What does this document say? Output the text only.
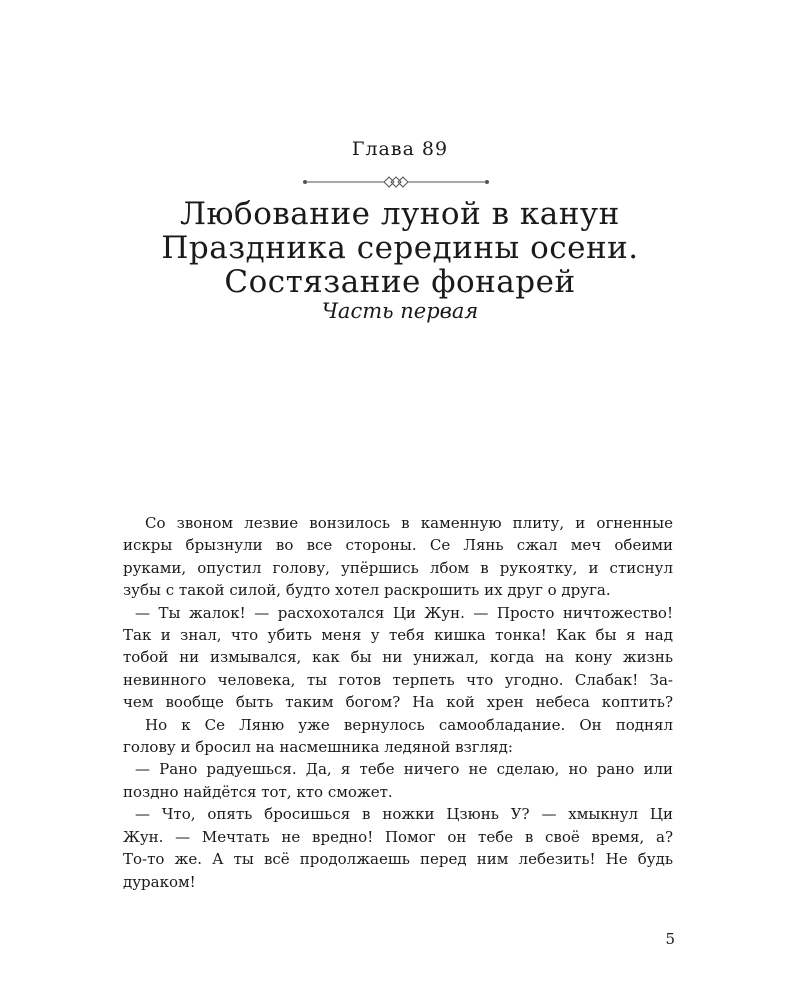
Глава 89
Любование луной в канун
Праздника середины осени.
Состязание фонарей
Часть первая
Со звоном лезвие вонзилось в каменную плиту, и огненные
искры брызнули во все стороны. Се Лянь сжал меч обеими
руками, опустил голову, упёршись лбом в рукоятку, и стиснул
зубы с такой силой, будто хотел раскрошить их друг о друга.
— Ты жалок! — расхохотался Ци Жун. — Просто ничтожество!
Так и знал, что убить меня у тебя кишка тонка! Как бы я над
тобой ни измывался, как бы ни унижал, когда на кону жизнь
невинного человека, ты готов терпеть что угодно. Слабак! За-
чем вообще быть таким богом? На кой хрен небеса коптить?
Но к Се Ляню уже вернулось самообладание. Он поднял
голову и бросил на насмешника ледяной взгляд:
— Рано радуешься. Да, я тебе ничего не сделаю, но рано или
поздно найдётся тот, кто сможет.
— Что, опять бросишься в ножки Цзюнь У? — хмыкнул Ци
Жун. — Мечтать не вредно! Помог он тебе в своё время, а?
То-то же. А ты всё продолжаешь перед ним лебезить! Не будь
дураком!
5
